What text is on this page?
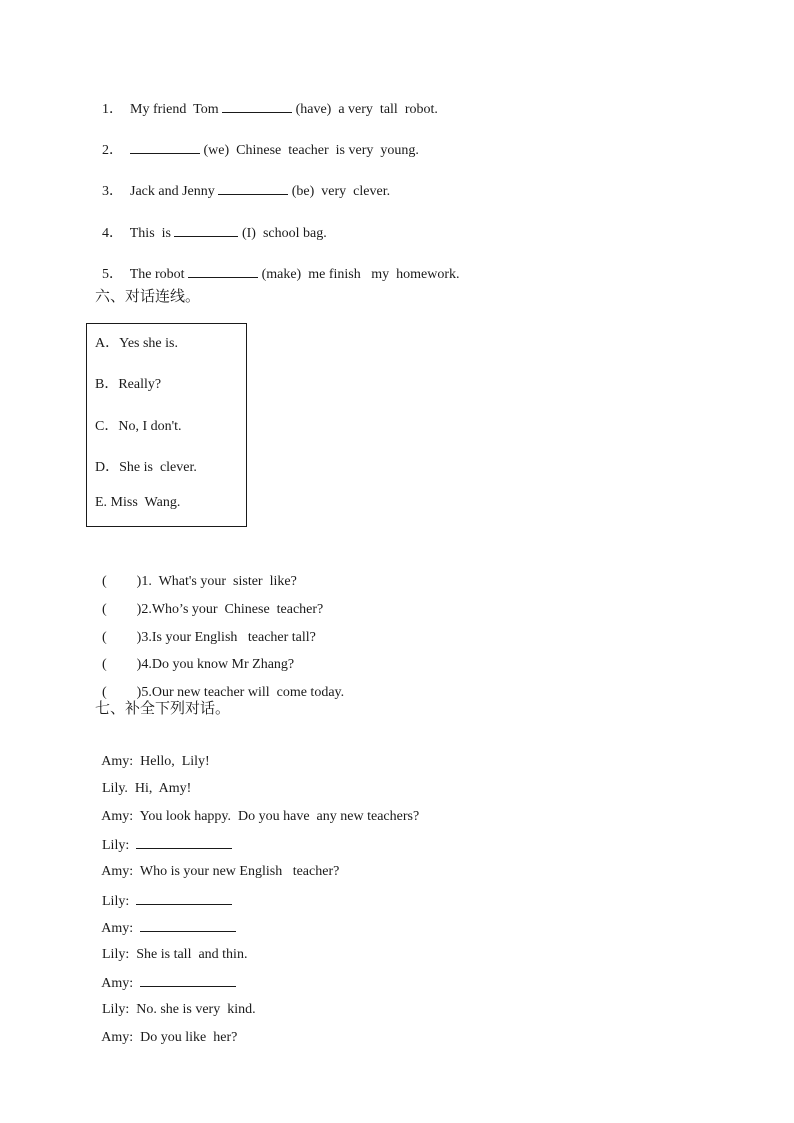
1． My friend  Tom	(have)  a very  tall  robot.

2．	(we)  Chinese  teacher  is very  young.

3． Jack and Jenny	(be)  very  clever.

4． This  is	(I)  school bag.

5． The robot	(make)  me finish   my  homework.

六、对话连线。
A．Yes she is.
B．Really?
C．No, I don't.
D．She is  clever.
E. Miss  Wang.

( )1.  What's your  sister  like?

( )2.Who’s your  Chinese  teacher?

( )3.Is your English   teacher tall?

( )4.Do you know Mr Zhang?

( )5.Our new teacher will  come today.

七、补全下列对话。

Amy: Hello,  Lily!

Lily. Hi,  Amy!

Amy: You look happy.  Do you have  any new teachers?

Lily:

Amy: Who is your new English   teacher?

Lily:

Amy:

Lily: She is tall  and thin.

Amy:

Lily: No. she is very  kind.

Amy: Do you like  her?
